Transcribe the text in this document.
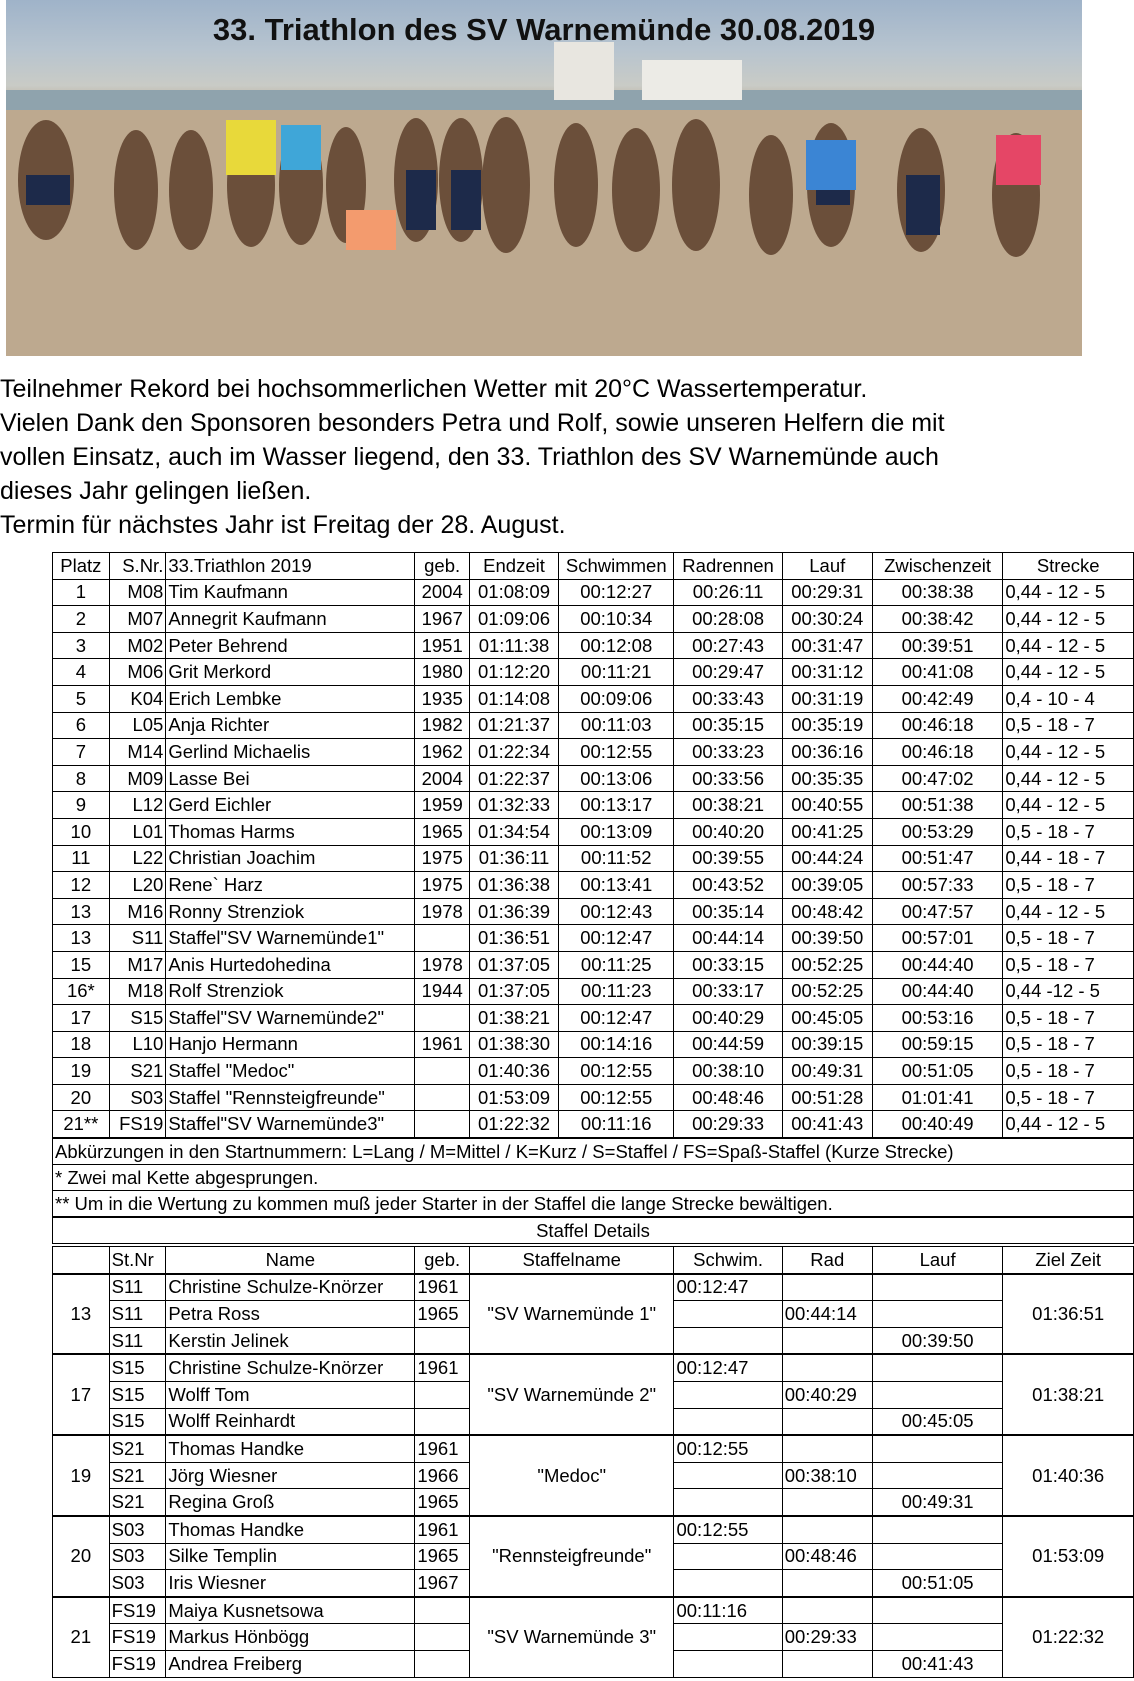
33. Triathlon des SV Warnemünde 30.08.2019

Teilnehmer Rekord bei hochsommerlichen Wetter mit 20°C Wassertemperatur.

Vielen Dank den Sponsoren besonders Petra und Rolf, sowie unseren Helfern die mit

vollen Einsatz, auch im Wasser liegend, den 33. Triathlon des SV Warnemünde auch

dieses Jahr gelingen ließen.

Termin für nächstes Jahr ist Freitag der 28. August.

Platz	S.Nr.	33.Triathlon 2019	geb.	Endzeit	Schwimmen	Radrennen	Lauf	Zwischenzeit	Strecke
1	M08	Tim Kaufmann	2004	01:08:09	00:12:27	00:26:11	00:29:31	00:38:38	0,44 - 12 - 5
2	M07	Annegrit Kaufmann	1967	01:09:06	00:10:34	00:28:08	00:30:24	00:38:42	0,44 - 12 - 5
3	M02	Peter Behrend	1951	01:11:38	00:12:08	00:27:43	00:31:47	00:39:51	0,44 - 12 - 5
4	M06	Grit Merkord	1980	01:12:20	00:11:21	00:29:47	00:31:12	00:41:08	0,44 - 12 - 5
5	K04	Erich Lembke	1935	01:14:08	00:09:06	00:33:43	00:31:19	00:42:49	0,4 - 10 - 4
6	L05	Anja Richter	1982	01:21:37	00:11:03	00:35:15	00:35:19	00:46:18	0,5 - 18 - 7
7	M14	Gerlind Michaelis	1962	01:22:34	00:12:55	00:33:23	00:36:16	00:46:18	0,44 - 12 - 5
8	M09	Lasse Bei	2004	01:22:37	00:13:06	00:33:56	00:35:35	00:47:02	0,44 - 12 - 5
9	L12	Gerd Eichler	1959	01:32:33	00:13:17	00:38:21	00:40:55	00:51:38	0,44 - 12 - 5
10	L01	Thomas Harms	1965	01:34:54	00:13:09	00:40:20	00:41:25	00:53:29	0,5 - 18 - 7
11	L22	Christian Joachim	1975	01:36:11	00:11:52	00:39:55	00:44:24	00:51:47	0,44 - 18 - 7
12	L20	Rene` Harz	1975	01:36:38	00:13:41	00:43:52	00:39:05	00:57:33	0,5 - 18 - 7
13	M16	Ronny Strenziok	1978	01:36:39	00:12:43	00:35:14	00:48:42	00:47:57	0,44 - 12 - 5
13	S11	Staffel"SV Warnemünde1"		01:36:51	00:12:47	00:44:14	00:39:50	00:57:01	0,5 - 18 - 7
15	M17	Anis Hurtedohedina	1978	01:37:05	00:11:25	00:33:15	00:52:25	00:44:40	0,5 - 18 - 7
16*	M18	Rolf Strenziok	1944	01:37:05	00:11:23	00:33:17	00:52:25	00:44:40	0,44 -12 - 5
17	S15	Staffel"SV Warnemünde2"		01:38:21	00:12:47	00:40:29	00:45:05	00:53:16	0,5 - 18 - 7
18	L10	Hanjo Hermann	1961	01:38:30	00:14:16	00:44:59	00:39:15	00:59:15	0,5 - 18 - 7
19	S21	Staffel "Medoc"		01:40:36	00:12:55	00:38:10	00:49:31	00:51:05	0,5 - 18 - 7
20	S03	Staffel "Rennsteigfreunde"		01:53:09	00:12:55	00:48:46	00:51:28	01:01:41	0,5 - 18 - 7
21**	FS19	Staffel"SV Warnemünde3"		01:22:32	00:11:16	00:29:33	00:41:43	00:40:49	0,44 - 12 - 5
Abkürzungen in den Startnummern: L=Lang / M=Mittel / K=Kurz / S=Staffel / FS=Spaß-Staffel (Kurze Strecke)
* Zwei mal Kette abgesprungen.
** Um in die Wertung zu kommen muß jeder Starter in der Staffel die lange Strecke bewältigen.
Staffel Details
	St.Nr	Name	geb.	Staffelname	Schwim.	Rad	Lauf	Ziel Zeit
13	S11	Christine Schulze-Knörzer	1961	"SV Warnemünde 1"	00:12:47			01:36:51
	S11	Petra Ross	1965			00:44:14		
	S11	Kerstin Jelinek					00:39:50	
17	S15	Christine Schulze-Knörzer	1961	"SV Warnemünde 2"	00:12:47			01:38:21
	S15	Wolff Tom				00:40:29		
	S15	Wolff Reinhardt					00:45:05	
19	S21	Thomas Handke	1961	"Medoc"	00:12:55			01:40:36
	S21	Jörg Wiesner	1966			00:38:10		
	S21	Regina Groß	1965				00:49:31	
20	S03	Thomas Handke	1961	"Rennsteigfreunde"	00:12:55			01:53:09
	S03	Silke Templin	1965			00:48:46		
	S03	Iris Wiesner	1967				00:51:05	
21	FS19	Maiya Kusnetsowa		"SV Warnemünde 3"	00:11:16			01:22:32
	FS19	Markus Hönbögg				00:29:33		
	FS19	Andrea Freiberg					00:41:43	
